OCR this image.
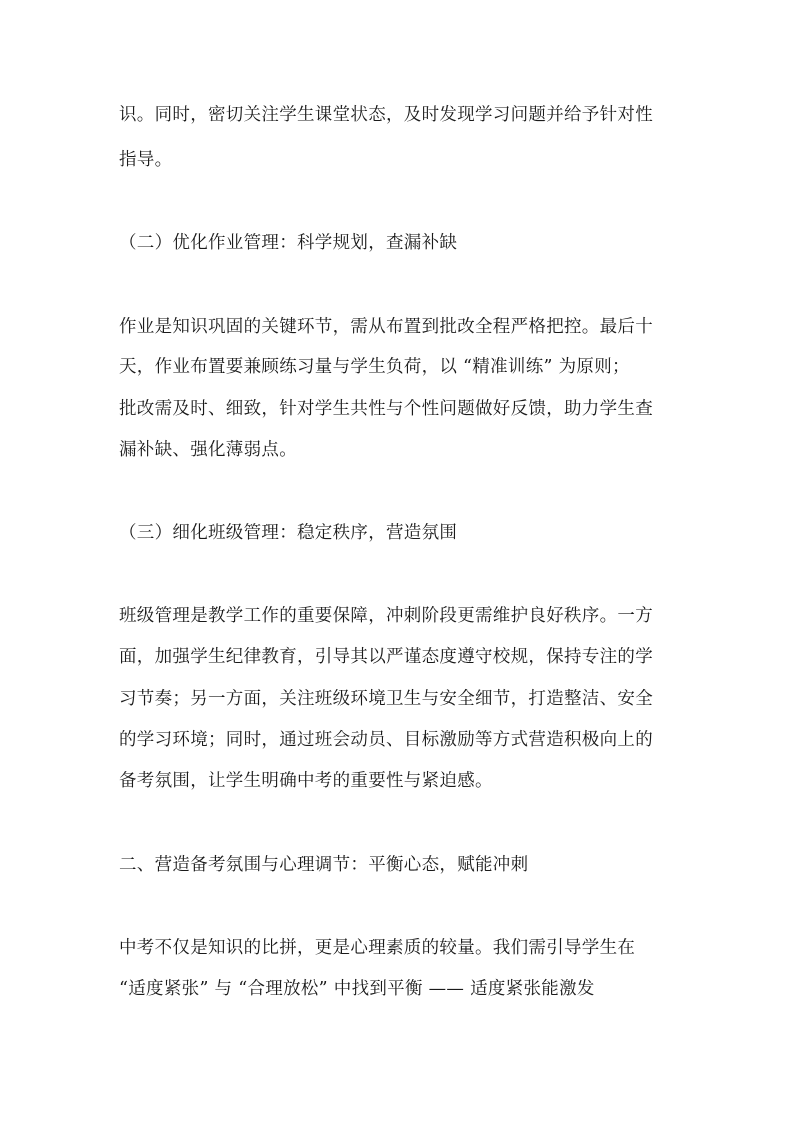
识。同时，密切关注学生课堂状态，及时发现学习问题并给予针对性
指导。
（二）优化作业管理：科学规划，查漏补缺
作业是知识巩固的关键环节，需从布置到批改全程严格把控。最后十
天，作业布置要兼顾练习量与学生负荷，以 “精准训练” 为原则；
批改需及时、细致，针对学生共性与个性问题做好反馈，助力学生查
漏补缺、强化薄弱点。
（三）细化班级管理：稳定秩序，营造氛围
班级管理是教学工作的重要保障，冲刺阶段更需维护良好秩序。一方
面，加强学生纪律教育，引导其以严谨态度遵守校规，保持专注的学
习节奏；另一方面，关注班级环境卫生与安全细节，打造整洁、安全
的学习环境；同时，通过班会动员、目标激励等方式营造积极向上的
备考氛围，让学生明确中考的重要性与紧迫感。
二、营造备考氛围与心理调节：平衡心态，赋能冲刺
中考不仅是知识的比拼，更是心理素质的较量。我们需引导学生在
“适度紧张” 与 “合理放松” 中找到平衡 —— 适度紧张能激发
